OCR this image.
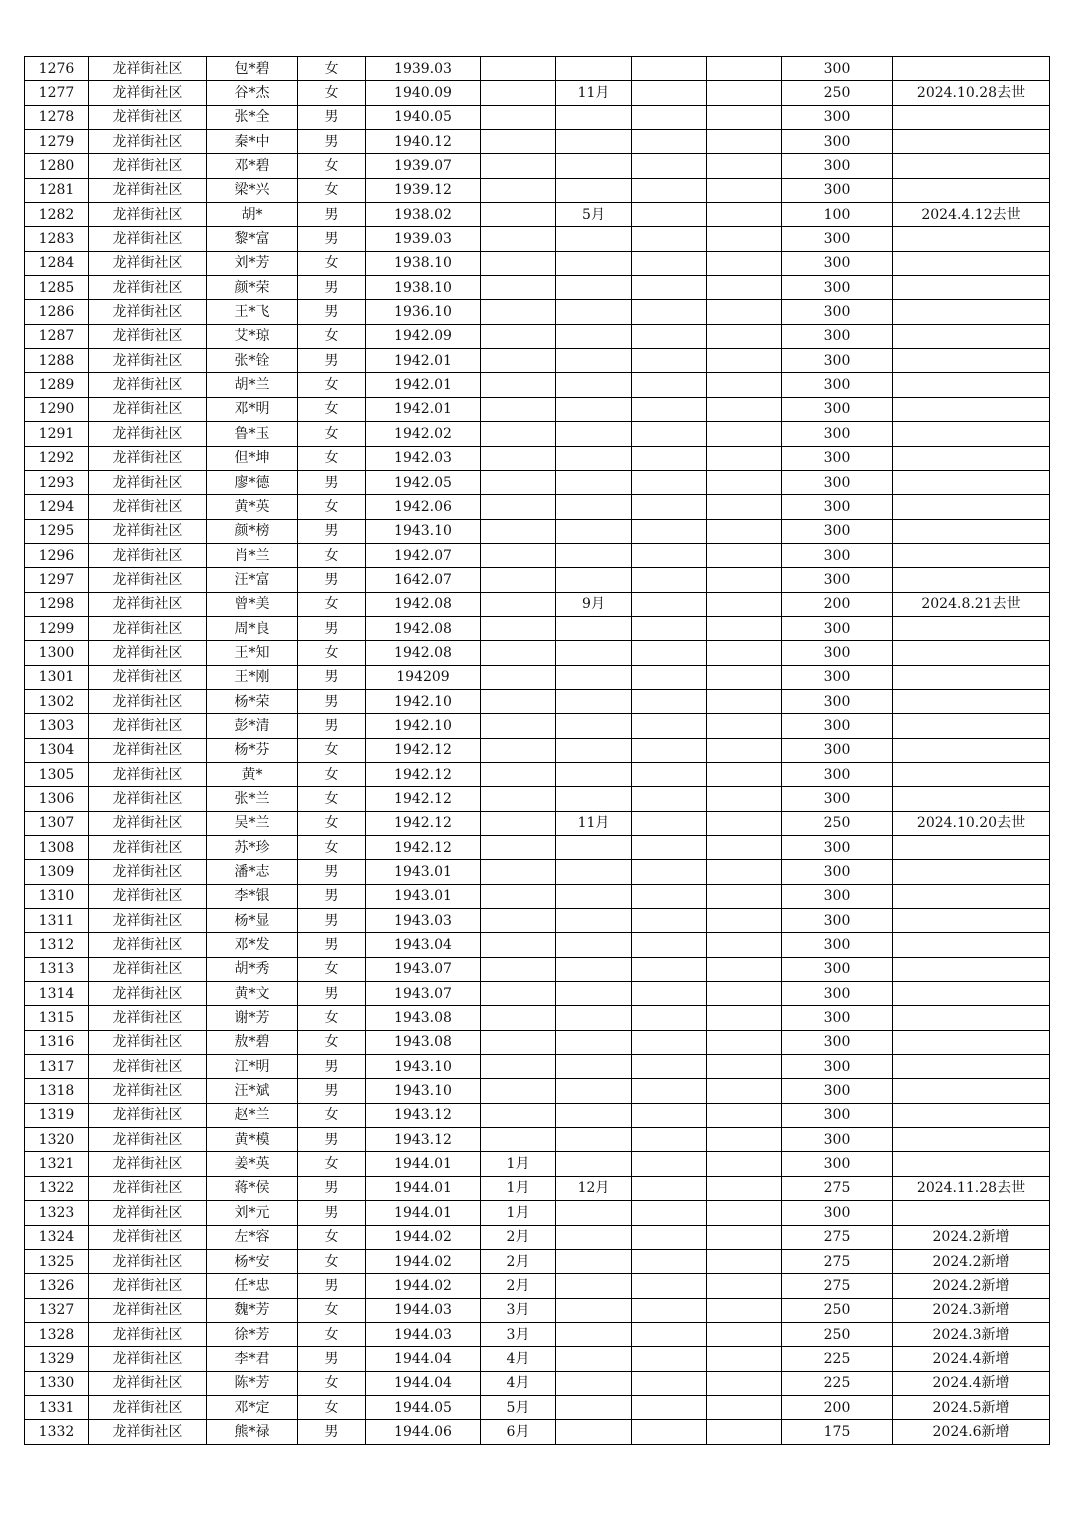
1276	龙祥街社区	包*碧	女	1939.03					300	
1277	龙祥街社区	谷*杰	女	1940.09		11月			250	2024.10.28去世
1278	龙祥街社区	张*全	男	1940.05					300	
1279	龙祥街社区	秦*中	男	1940.12					300	
1280	龙祥街社区	邓*碧	女	1939.07					300	
1281	龙祥街社区	梁*兴	女	1939.12					300	
1282	龙祥街社区	胡*	男	1938.02		5月			100	2024.4.12去世
1283	龙祥街社区	黎*富	男	1939.03					300	
1284	龙祥街社区	刘*芳	女	1938.10					300	
1285	龙祥街社区	颜*荣	男	1938.10					300	
1286	龙祥街社区	王*飞	男	1936.10					300	
1287	龙祥街社区	艾*琼	女	1942.09					300	
1288	龙祥街社区	张*铨	男	1942.01					300	
1289	龙祥街社区	胡*兰	女	1942.01					300	
1290	龙祥街社区	邓*明	女	1942.01					300	
1291	龙祥街社区	鲁*玉	女	1942.02					300	
1292	龙祥街社区	但*坤	女	1942.03					300	
1293	龙祥街社区	廖*德	男	1942.05					300	
1294	龙祥街社区	黄*英	女	1942.06					300	
1295	龙祥街社区	颜*榜	男	1943.10					300	
1296	龙祥街社区	肖*兰	女	1942.07					300	
1297	龙祥街社区	汪*富	男	1642.07					300	
1298	龙祥街社区	曾*美	女	1942.08		9月			200	2024.8.21去世
1299	龙祥街社区	周*良	男	1942.08					300	
1300	龙祥街社区	王*知	女	1942.08					300	
1301	龙祥街社区	王*刚	男	194209					300	
1302	龙祥街社区	杨*荣	男	1942.10					300	
1303	龙祥街社区	彭*清	男	1942.10					300	
1304	龙祥街社区	杨*芬	女	1942.12					300	
1305	龙祥街社区	黄*	女	1942.12					300	
1306	龙祥街社区	张*兰	女	1942.12					300	
1307	龙祥街社区	吴*兰	女	1942.12		11月			250	2024.10.20去世
1308	龙祥街社区	苏*珍	女	1942.12					300	
1309	龙祥街社区	潘*志	男	1943.01					300	
1310	龙祥街社区	李*银	男	1943.01					300	
1311	龙祥街社区	杨*显	男	1943.03					300	
1312	龙祥街社区	邓*发	男	1943.04					300	
1313	龙祥街社区	胡*秀	女	1943.07					300	
1314	龙祥街社区	黄*文	男	1943.07					300	
1315	龙祥街社区	谢*芳	女	1943.08					300	
1316	龙祥街社区	敖*碧	女	1943.08					300	
1317	龙祥街社区	江*明	男	1943.10					300	
1318	龙祥街社区	汪*斌	男	1943.10					300	
1319	龙祥街社区	赵*兰	女	1943.12					300	
1320	龙祥街社区	黄*模	男	1943.12					300	
1321	龙祥街社区	姜*英	女	1944.01	1月				300	
1322	龙祥街社区	蒋*侯	男	1944.01	1月	12月			275	2024.11.28去世
1323	龙祥街社区	刘*元	男	1944.01	1月				300	
1324	龙祥街社区	左*容	女	1944.02	2月				275	2024.2新增
1325	龙祥街社区	杨*安	女	1944.02	2月				275	2024.2新增
1326	龙祥街社区	任*忠	男	1944.02	2月				275	2024.2新增
1327	龙祥街社区	魏*芳	女	1944.03	3月				250	2024.3新增
1328	龙祥街社区	徐*芳	女	1944.03	3月				250	2024.3新增
1329	龙祥街社区	李*君	男	1944.04	4月				225	2024.4新增
1330	龙祥街社区	陈*芳	女	1944.04	4月				225	2024.4新增
1331	龙祥街社区	邓*定	女	1944.05	5月				200	2024.5新增
1332	龙祥街社区	熊*禄	男	1944.06	6月				175	2024.6新增
